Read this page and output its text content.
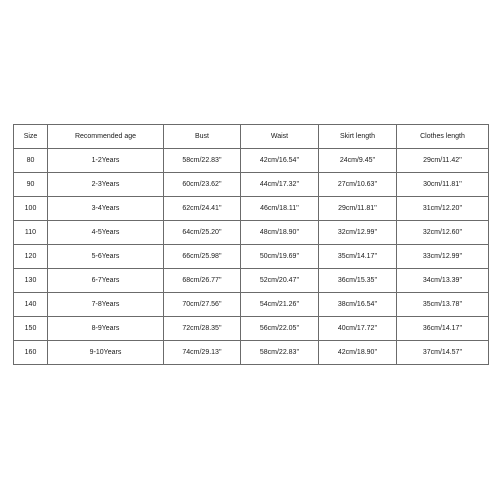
Size	Recommended age	Bust	Waist	Skirt length	Clothes length
80	1-2Years	58cm/22.83''	42cm/16.54''	24cm/9.45''	29cm/11.42''
90	2-3Years	60cm/23.62''	44cm/17.32''	27cm/10.63''	30cm/11.81''
100	3-4Years	62cm/24.41''	46cm/18.11''	29cm/11.81''	31cm/12.20''
110	4-5Years	64cm/25.20''	48cm/18.90''	32cm/12.99''	32cm/12.60''
120	5-6Years	66cm/25.98''	50cm/19.69''	35cm/14.17''	33cm/12.99''
130	6-7Years	68cm/26.77''	52cm/20.47''	36cm/15.35''	34cm/13.39''
140	7-8Years	70cm/27.56''	54cm/21.26''	38cm/16.54''	35cm/13.78''
150	8-9Years	72cm/28.35''	56cm/22.05''	40cm/17.72''	36cm/14.17''
160	9-10Years	74cm/29.13''	58cm/22.83''	42cm/18.90''	37cm/14.57''
